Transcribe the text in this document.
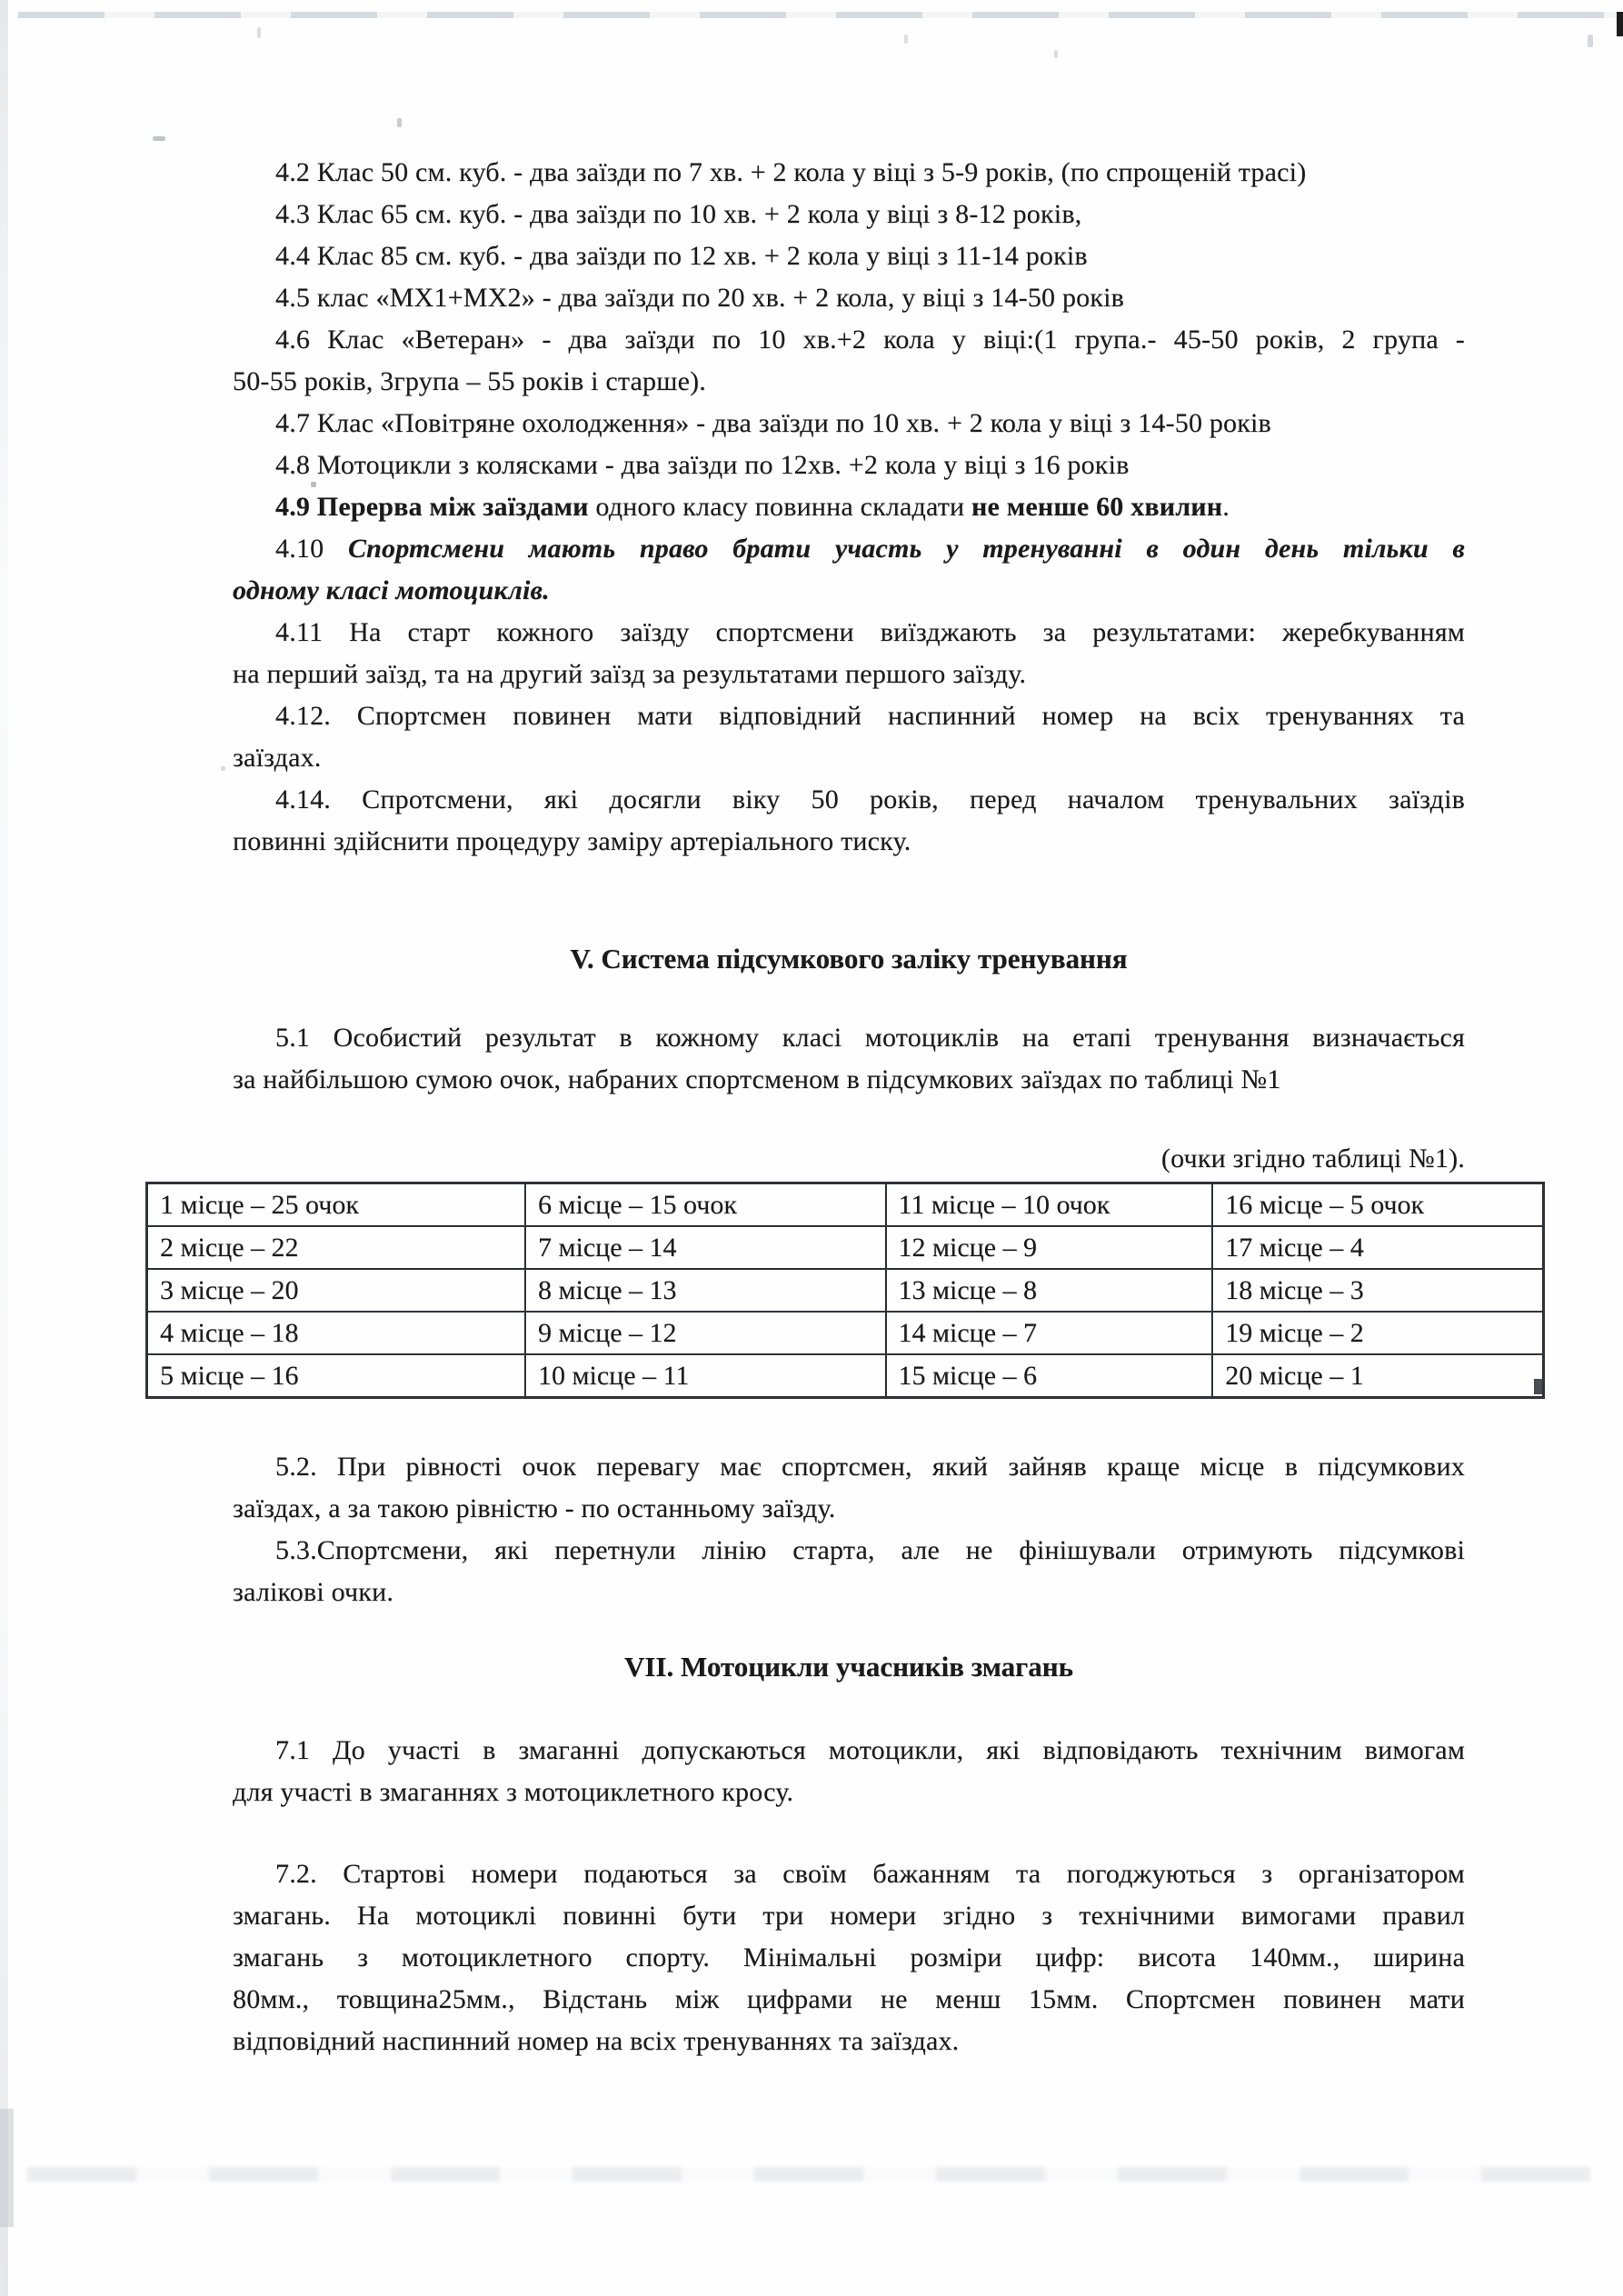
4.2 Клас 50 см. куб. - два заїзди по 7 хв. + 2 кола у віці з 5-9 років, (по спрощеній трасі)
4.3 Клас 65 см. куб. - два заїзди по 10 хв. + 2 кола у віці з 8-12 років,
4.4 Клас 85 см. куб. - два заїзди по 12 хв. + 2 кола у віці з 11-14 років
4.5 клас «МХ1+МХ2» - два заїзди по 20 хв. + 2 кола, у віці з 14-50 років
4.6 Клас «Ветеран» - два заїзди по 10 хв.+2 кола у віці:(1 група.- 45-50 років, 2 група -
50-55 років, 3група – 55 років і старше).
4.7 Клас «Повітряне охолодження» - два заїзди по 10 хв. + 2 кола у віці з 14-50 років
4.8 Мотоцикли з колясками - два заїзди по 12хв. +2 кола у віці з 16 років
4.9 Перерва між заїздами одного класу повинна складати не менше 60 хвилин.
4.10 Спортсмени мають право брати участь у тренуванні в один день тільки в
одному класі мотоциклів.
4.11 На старт кожного заїзду спортсмени виїзджають за результатами: жеребкуванням
на перший заїзд, та на другий заїзд за результатами першого заїзду.
4.12. Спортсмен повинен мати відповідний наспинний номер на всіх тренуваннях та
заїздах.
4.14. Спротсмени, які досягли віку 50 років, перед началом тренувальних заїздів
повинні здійснити процедуру заміру артеріального тиску.
V. Система підсумкового заліку тренування
5.1 Особистий результат в кожному класі мотоциклів на етапі тренування визначається
за найбільшою сумою очок, набраних спортсменом в підсумкових заїздах по таблиці №1
(очки згідно таблиці №1).
1 місце – 25 очок	6 місце – 15 очок	11 місце – 10 очок	16 місце – 5 очок
2 місце – 22	7 місце – 14	12 місце – 9	17 місце – 4
3 місце – 20	8 місце – 13	13 місце – 8	18 місце – 3
4 місце – 18	9 місце – 12	14 місце – 7	19 місце – 2
5 місце – 16	10 місце – 11	15 місце – 6	20 місце – 1
5.2. При рівності очок перевагу має спортсмен, який зайняв краще місце в підсумкових
заїздах, а за такою рівністю - по останньому заїзду.
5.3.Спортсмени, які перетнули лінію старта, але не фінішували отримують підсумкові
залікові очки.
VII. Мотоцикли учасників змагань
7.1 До участі в змаганні допускаються мотоцикли, які відповідають технічним вимогам
для участі в змаганнях з мотоциклетного кросу.
7.2. Стартові номери подаються за своїм бажанням та погоджуються з організатором
змагань. На мотоциклі повинні бути три номери згідно з технічними вимогами правил
змагань з мотоциклетного спорту. Мінімальні розміри цифр: висота 140мм., ширина
80мм., товщина25мм., Відстань між цифрами не менш 15мм. Спортсмен повинен мати
відповідний наспинний номер на всіх тренуваннях та заїздах.
